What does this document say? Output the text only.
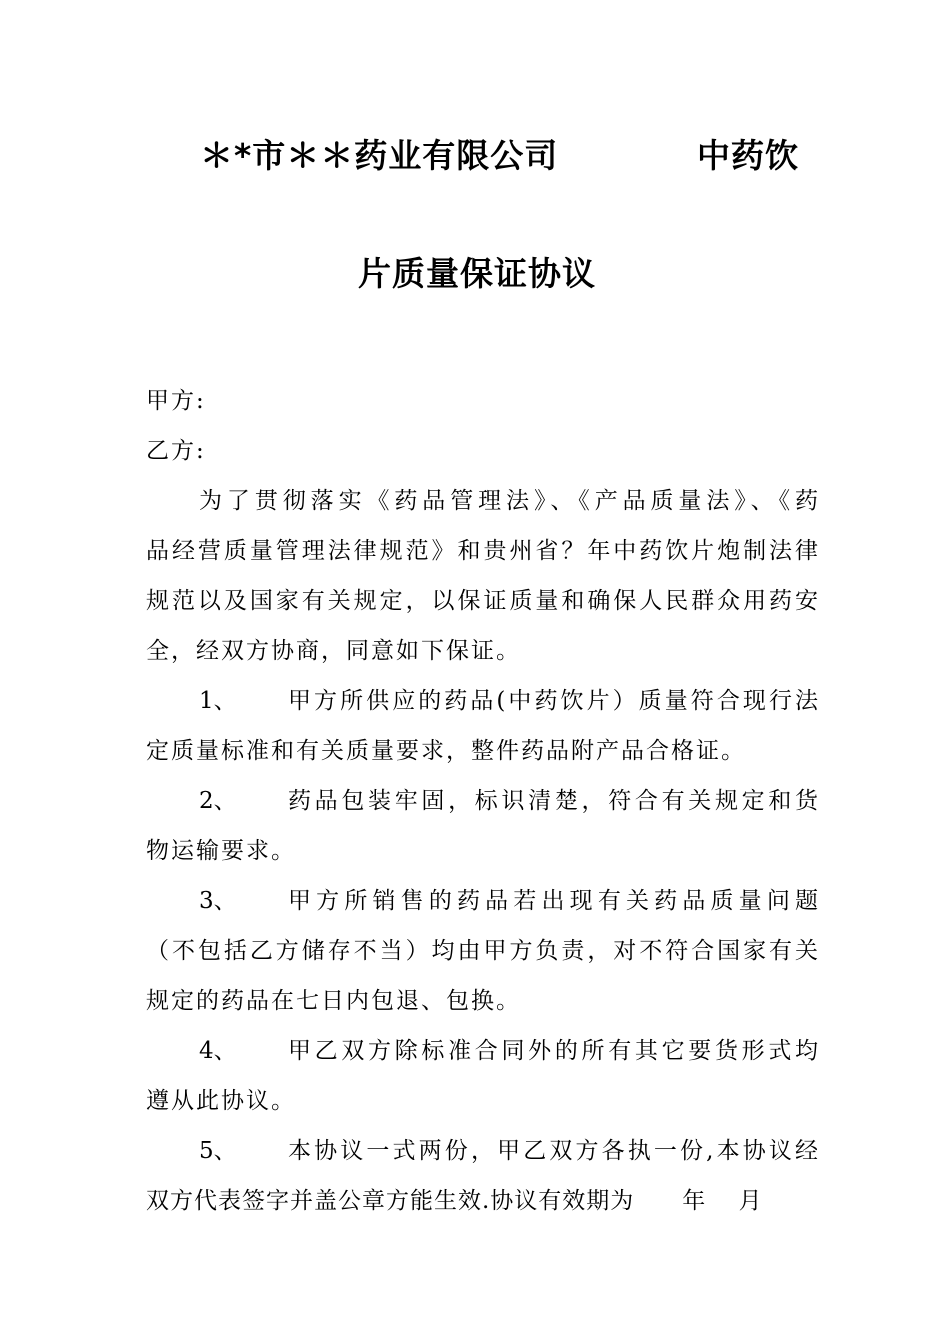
＊*市＊＊药业有限公司	中药饮
片质量保证协议
甲方:
乙方:
为了贯彻落实《药品管理法》、《产品质量法》、《药
品经营质量管理法律规范》和贵州省？年中药饮片炮制法律
规范以及国家有关规定，以保证质量和确保人民群众用药安
全，经双方协商，同意如下保证。
1、 甲方所供应的药品(中药饮片）质量符合现行法
定质量标准和有关质量要求，整件药品附产品合格证。
2、 药品包装牢固，标识清楚，符合有关规定和货
物运输要求。
3、 甲方所销售的药品若出现有关药品质量问题
（不包括乙方储存不当）均由甲方负责，对不符合国家有关
规定的药品在七日内包退、包换。
4、 甲乙双方除标准合同外的所有其它要货形式均
遵从此协议。
5、 本协议一式两份，甲乙双方各执一份,本协议经
双方代表签字并盖公章方能生效.协议有效期为　　年　 月
